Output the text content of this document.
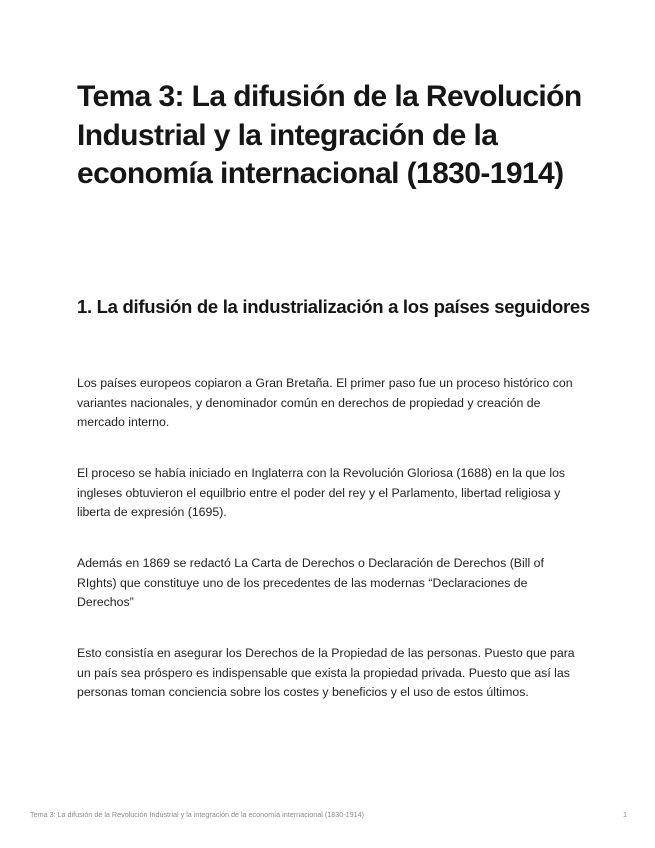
Tema 3: La difusión de la Revolución Industrial y la integración de la economía internacional (1830-1914)
1. La difusión de la industrialización a los países seguidores

Los países europeos copiaron a Gran Bretaña. El primer paso fue un proceso histórico con variantes nacionales, y denominador común en derechos de propiedad y creación de mercado interno.

El proceso se había iniciado en Inglaterra con la Revolución Gloriosa (1688) en la que los ingleses obtuvieron el equilbrio entre el poder del rey y el Parlamento, libertad religiosa y liberta de expresión (1695).

Además en 1869 se redactó La Carta de Derechos o Declaración de Derechos (Bill of RIghts) que constituye uno de los precedentes de las modernas “Declaraciones de Derechos”

Esto consistía en asegurar los Derechos de la Propiedad de las personas. Puesto que para un país sea próspero es indispensable que exista la propiedad privada. Puesto que así las personas toman conciencia sobre los costes y beneficios y el uso de estos últimos.

Tema 3: La difusión de la Revolución Industrial y la integración de la economía internacional (1830-1914)	1
